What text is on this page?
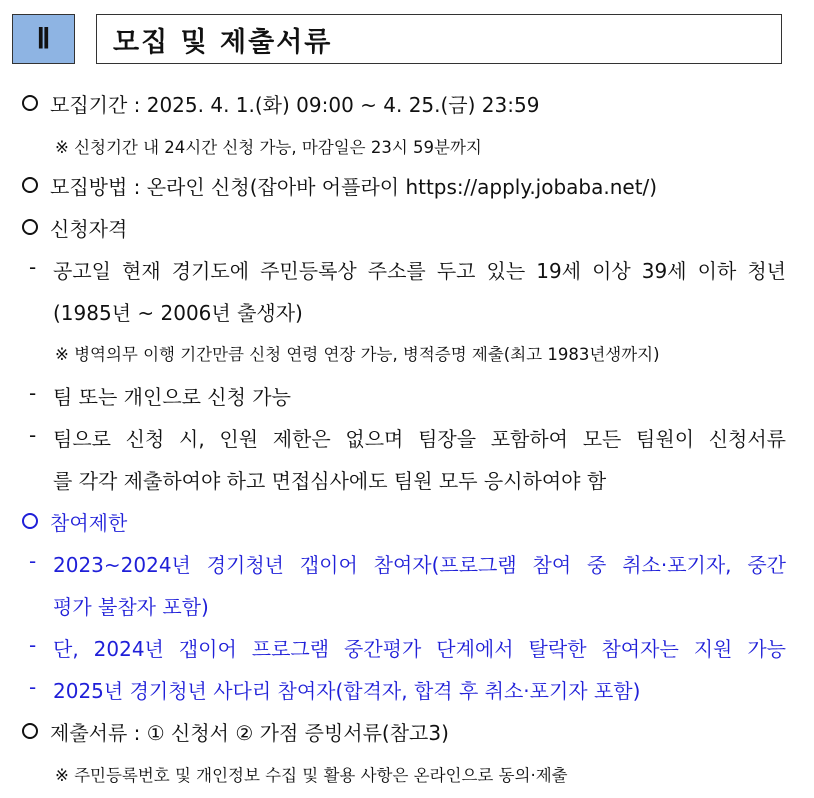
Ⅱ 모집 및 제출서류
모집기간 : 2025. 4. 1.(화) 09:00 ~ 4. 25.(금) 23:59
※ 신청기간 내 24시간 신청 가능, 마감일은 23시 59분까지
모집방법 : 온라인 신청(잡아바 어플라이 https://apply.jobaba.net/)
신청자격
- 공고일 현재 경기도에 주민등록상 주소를 두고 있는 19세 이상 39세 이하 청년
(1985년 ~ 2006년 출생자)
※ 병역의무 이행 기간만큼 신청 연령 연장 가능, 병적증명 제출(최고 1983년생까지)
- 팀 또는 개인으로 신청 가능
- 팀으로 신청 시, 인원 제한은 없으며 팀장을 포함하여 모든 팀원이 신청서류
를 각각 제출하여야 하고 면접심사에도 팀원 모두 응시하여야 함
참여제한
- 2023~2024년 경기청년 갭이어 참여자(프로그램 참여 중 취소·포기자, 중간
평가 불참자 포함)
- 단, 2024년 갭이어 프로그램 중간평가 단계에서 탈락한 참여자는 지원 가능
- 2025년 경기청년 사다리 참여자(합격자, 합격 후 취소·포기자 포함)
제출서류 : ① 신청서 ② 가점 증빙서류(참고3)
※ 주민등록번호 및 개인정보 수집 및 활용 사항은 온라인으로 동의·제출
